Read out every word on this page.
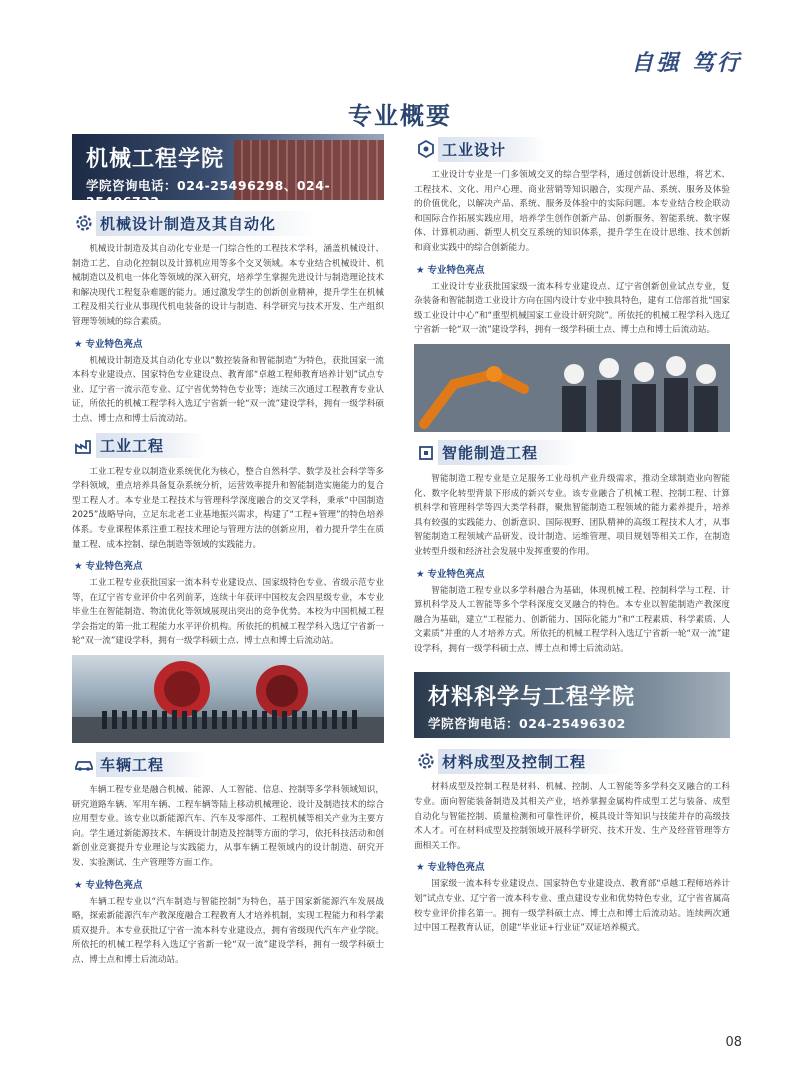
自强 笃行
专业概要
机械工程学院
学院咨询电话：024-25496298、024-25496732
机械设计制造及其自动化

机械设计制造及其自动化专业是一门综合性的工程技术学科，涵盖机械设计、制造工艺、自动化控制以及计算机应用等多个交叉领域。本专业结合机械设计、机械制造以及机电一体化等领域的深入研究，培养学生掌握先进设计与制造理论技术和解决现代工程复杂难题的能力。通过激发学生的创新创业精神，提升学生在机械工程及相关行业从事现代机电装备的设计与制造、科学研究与技术开发、生产组织管理等领域的综合素质。

★ 专业特色亮点

机械设计制造及其自动化专业以“数控装备和智能制造”为特色，获批国家一流本科专业建设点、国家特色专业建设点、教育部“卓越工程师教育培养计划”试点专业、辽宁省一流示范专业、辽宁省优势特色专业等；连续三次通过工程教育专业认证，所依托的机械工程学科入选辽宁省新一轮“双一流”建设学科，拥有一级学科硕士点、博士点和博士后流动站。

工业工程

工业工程专业以制造业系统优化为核心，整合自然科学、数学及社会科学等多学科领域，重点培养具备复杂系统分析，运营效率提升和智能制造实施能力的复合型工程人才。本专业是工程技术与管理科学深度融合的交叉学科，秉承“中国制造2025”战略导向，立足东北老工业基地振兴需求，构建了“工程+管理”的特色培养体系。专业课程体系注重工程技术理论与管理方法的创新应用，着力提升学生在质量工程、成本控制、绿色制造等领域的实践能力。

★ 专业特色亮点

工业工程专业获批国家一流本科专业建设点、国家级特色专业、省级示范专业等，在辽宁省专业评价中名列前茅，连续十年获评中国校友会四星级专业，本专业毕业生在智能制造、物流优化等领域展现出突出的竞争优势。本校为中国机械工程学会指定的第一批工程能力水平评价机构。所依托的机械工程学科入选辽宁省新一轮“双一流”建设学科，拥有一级学科硕士点、博士点和博士后流动站。

车辆工程

车辆工程专业是融合机械、能源、人工智能、信息、控制等多学科领域知识，研究道路车辆、军用车辆、工程车辆等陆上移动机械理论、设计及制造技术的综合应用型专业。该专业以新能源汽车、汽车及零部件、工程机械等相关产业为主要方向。学生通过新能源技术、车辆设计制造及控制等方面的学习，依托科技活动和创新创业竞赛提升专业理论与实践能力，从事车辆工程领域内的设计制造、研究开发、实验测试、生产管理等方面工作。

★ 专业特色亮点

车辆工程专业以“汽车制造与智能控制”为特色，基于国家新能源汽车发展战略，探索新能源汽车产教深度融合工程教育人才培养机制，实现工程能力和科学素质双提升。本专业获批辽宁省一流本科专业建设点，拥有省级现代汽车产业学院。所依托的机械工程学科入选辽宁省新一轮“双一流”建设学科，拥有一级学科硕士点、博士点和博士后流动站。

工业设计

工业设计专业是一门多领域交叉的综合型学科，通过创新设计思维，将艺术、工程技术、文化、用户心理、商业营销等知识融合，实现产品、系统、服务及体验的价值优化，以解决产品、系统、服务及体验中的实际问题。本专业结合校企联动和国际合作拓展实践应用，培养学生创作创新产品、创新服务、智能系统、数字媒体、计算机动画、新型人机交互系统的知识体系，提升学生在设计思维、技术创新和商业实践中的综合创新能力。

★ 专业特色亮点

工业设计专业获批国家级一流本科专业建设点、辽宁省创新创业试点专业，复杂装备和智能制造工业设计方向在国内设计专业中独具特色，建有工信部首批“国家级工业设计中心”和“重型机械国家工业设计研究院”。所依托的机械工程学科入选辽宁省新一轮“双一流”建设学科，拥有一级学科硕士点、博士点和博士后流动站。

智能制造工程

智能制造工程专业是立足服务工业母机产业升级需求，推动全球制造业向智能化、数字化转型背景下形成的新兴专业。该专业融合了机械工程、控制工程、计算机科学和管理科学等四大类学科群，聚焦智能制造工程领域的能力素养提升，培养具有较强的实践能力、创新意识、国际视野、团队精神的高级工程技术人才，从事智能制造工程领域产品研发、设计制造、运维管理、项目规划等相关工作，在制造业转型升级和经济社会发展中发挥重要的作用。

★ 专业特色亮点

智能制造工程专业以多学科融合为基础，体现机械工程、控制科学与工程、计算机科学及人工智能等多个学科深度交叉融合的特色。本专业以智能制造产教深度融合为基础，建立“工程能力、创新能力、国际化能力”和“工程素质、科学素质、人文素质”并重的人才培养方式。所依托的机械工程学科入选辽宁省新一轮“双一流”建设学科，拥有一级学科硕士点、博士点和博士后流动站。

材料科学与工程学院
学院咨询电话：024-25496302
材料成型及控制工程

材料成型及控制工程是材料、机械、控制、人工智能等多学科交叉融合的工科专业。面向智能装备制造及其相关产业，培养掌握金属构件成型工艺与装备、成型自动化与智能控制、质量检测和可靠性评价，模具设计等知识与技能并存的高级技术人才。可在材料成型及控制领域开展科学研究、技术开发、生产及经营管理等方面相关工作。

★ 专业特色亮点

国家级一流本科专业建设点、国家特色专业建设点、教育部“卓越工程师培养计划”试点专业、辽宁省一流本科专业、重点建设专业和优势特色专业，辽宁省省属高校专业评价排名第一。拥有一级学科硕士点、博士点和博士后流动站。连续两次通过中国工程教育认证，创建“毕业证+行业证”双证培养模式。

08
